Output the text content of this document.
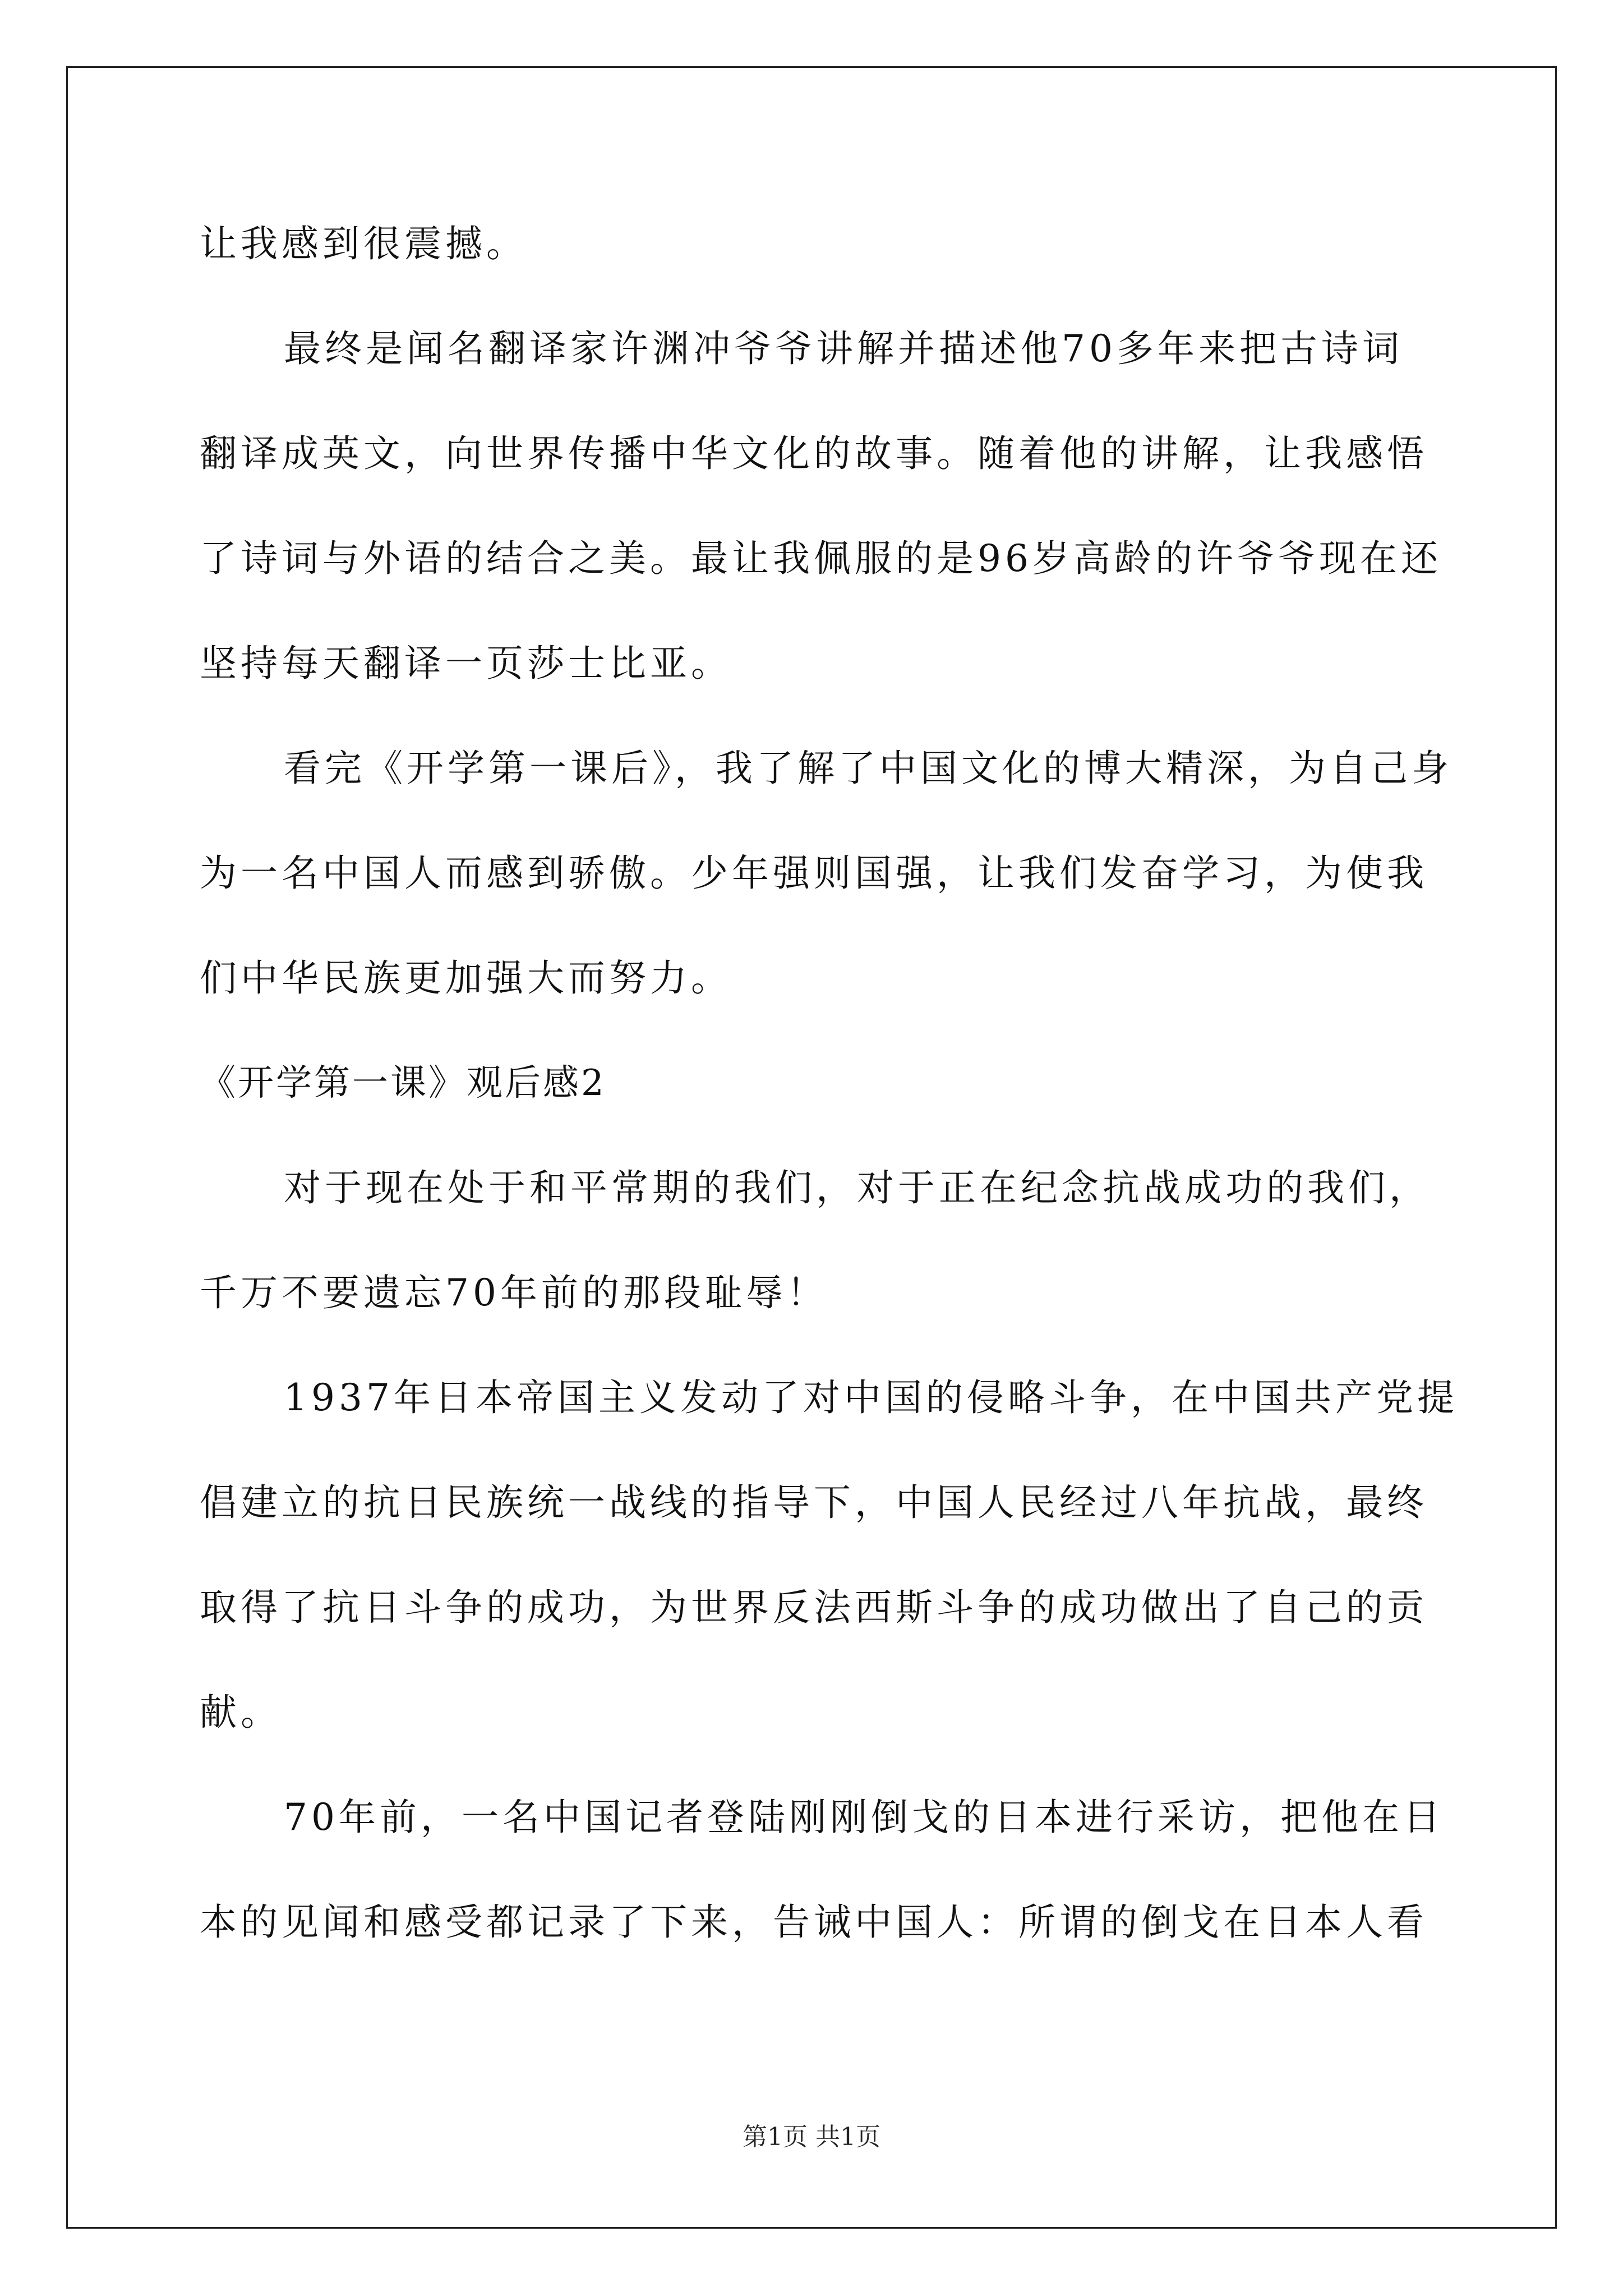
让我感到很震撼。
最终是闻名翻译家许渊冲爷爷讲解并描述他70多年来把古诗词
翻译成英文，向世界传播中华文化的故事。随着他的讲解，让我感悟
了诗词与外语的结合之美。最让我佩服的是96岁高龄的许爷爷现在还
坚持每天翻译一页莎士比亚。
看完《开学第一课后》，我了解了中国文化的博大精深，为自己身
为一名中国人而感到骄傲。少年强则国强，让我们发奋学习，为使我
们中华民族更加强大而努力。
《开学第一课》观后感2
对于现在处于和平常期的我们，对于正在纪念抗战成功的我们，
千万不要遗忘70年前的那段耻辱！
1937年日本帝国主义发动了对中国的侵略斗争，在中国共产党提
倡建立的抗日民族统一战线的指导下，中国人民经过八年抗战，最终
取得了抗日斗争的成功，为世界反法西斯斗争的成功做出了自己的贡
献。
70年前，一名中国记者登陆刚刚倒戈的日本进行采访，把他在日
本的见闻和感受都记录了下来，告诫中国人：所谓的倒戈在日本人看
第1页 共1页
